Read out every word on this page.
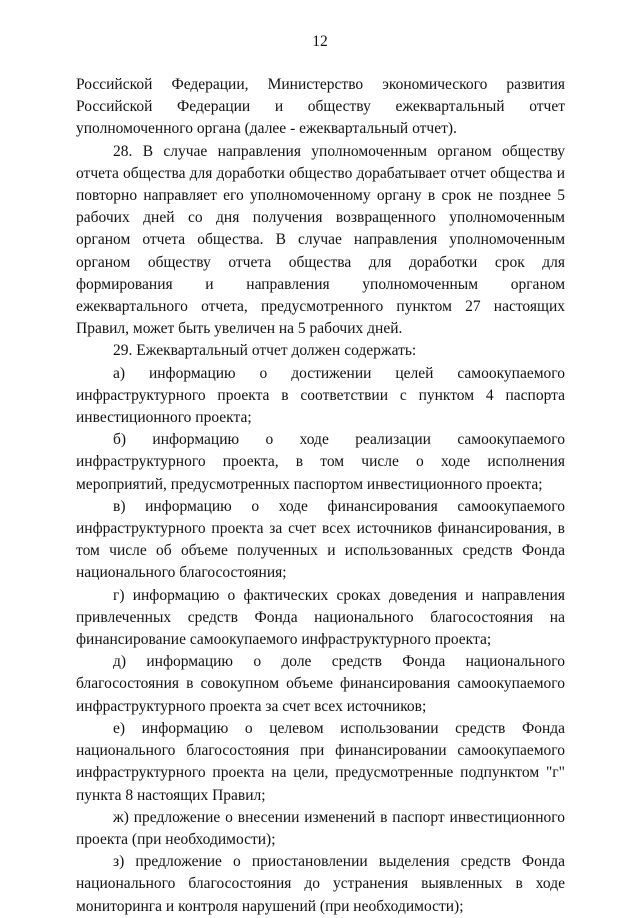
12

Российской Федерации, Министерство экономического развития Российской Федерации и обществу ежеквартальный отчет уполномоченного органа (далее - ежеквартальный отчет).

28. В случае направления уполномоченным органом обществу отчета общества для доработки общество дорабатывает отчет общества и повторно направляет его уполномоченному органу в срок не позднее 5 рабочих дней со дня получения возвращенного уполномоченным органом отчета общества. В случае направления уполномоченным органом обществу отчета общества для доработки срок для формирования и направления уполномоченным органом ежеквартального отчета, предусмотренного пунктом 27 настоящих Правил, может быть увеличен на 5 рабочих дней.

29. Ежеквартальный отчет должен содержать:

а) информацию о достижении целей самоокупаемого инфраструктурного проекта в соответствии с пунктом 4 паспорта инвестиционного проекта;

б) информацию о ходе реализации самоокупаемого инфраструктурного проекта, в том числе о ходе исполнения мероприятий, предусмотренных паспортом инвестиционного проекта;

в) информацию о ходе финансирования самоокупаемого инфраструктурного проекта за счет всех источников финансирования, в том числе об объеме полученных и использованных средств Фонда национального благосостояния;

г) информацию о фактических сроках доведения и направления привлеченных средств Фонда национального благосостояния на финансирование самоокупаемого инфраструктурного проекта;

д) информацию о доле средств Фонда национального благосостояния в совокупном объеме финансирования самоокупаемого инфраструктурного проекта за счет всех источников;

е) информацию о целевом использовании средств Фонда национального благосостояния при финансировании самоокупаемого инфраструктурного проекта на цели, предусмотренные подпунктом "г" пункта 8 настоящих Правил;

ж) предложение о внесении изменений в паспорт инвестиционного проекта (при необходимости);

з) предложение о приостановлении выделения средств Фонда национального благосостояния до устранения выявленных в ходе мониторинга и контроля нарушений (при необходимости);
